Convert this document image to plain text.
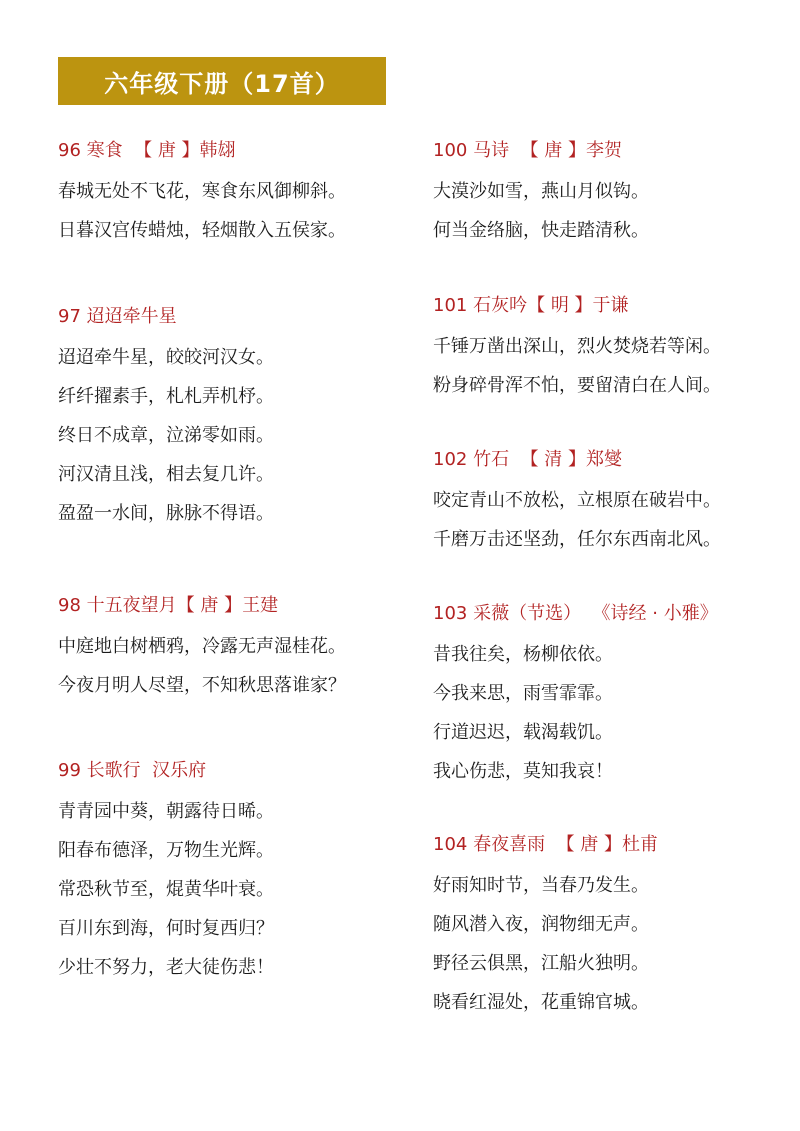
六年级下册（17首）
96 寒食 【 唐 】韩翃
春城无处不飞花，寒食东风御柳斜。
日暮汉宫传蜡烛，轻烟散入五侯家。
97 迢迢牵牛星
迢迢牵牛星，皎皎河汉女。
纤纤擢素手，札札弄机杼。
终日不成章，泣涕零如雨。
河汉清且浅，相去复几许。
盈盈一水间，脉脉不得语。
98 十五夜望月【 唐 】王建
中庭地白树栖鸦，冷露无声湿桂花。
今夜月明人尽望，不知秋思落谁家？
99 长歌行 汉乐府
青青园中葵，朝露待日晞。
阳春布德泽，万物生光辉。
常恐秋节至，焜黄华叶衰。
百川东到海，何时复西归？
少壮不努力，老大徒伤悲！
100 马诗 【 唐 】李贺
大漠沙如雪，燕山月似钩。
何当金络脑，快走踏清秋。
101 石灰吟【 明 】于谦
千锤万凿出深山，烈火焚烧若等闲。
粉身碎骨浑不怕，要留清白在人间。
102 竹石 【 清 】郑燮
咬定青山不放松，立根原在破岩中。
千磨万击还坚劲，任尔东西南北风。
103 采薇（节选） 《诗经 · 小雅》
昔我往矣，杨柳依依。
今我来思，雨雪霏霏。
行道迟迟，载渴载饥。
我心伤悲，莫知我哀！
104 春夜喜雨 【 唐 】杜甫
好雨知时节，当春乃发生。
随风潜入夜，润物细无声。
野径云俱黑，江船火独明。
晓看红湿处，花重锦官城。
